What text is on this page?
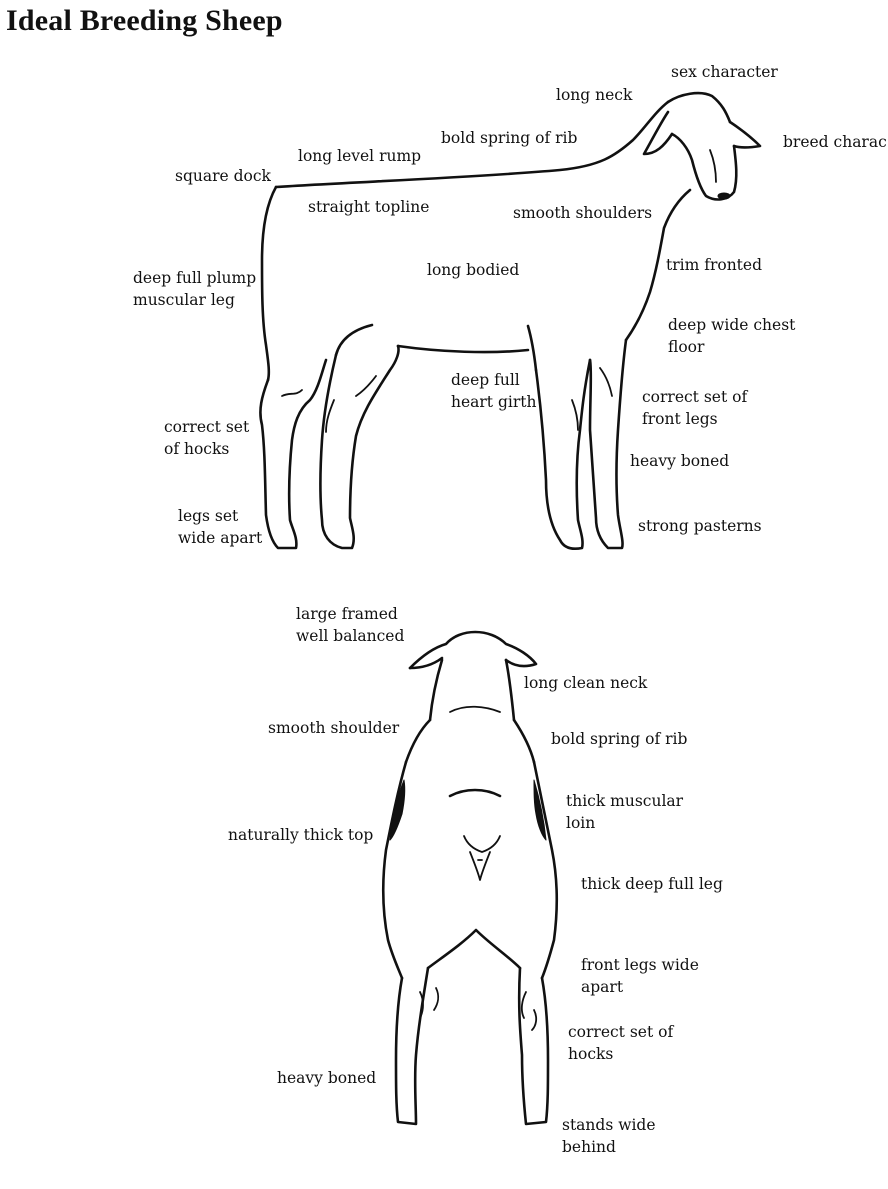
Ideal Breeding Sheep
sex character
long neck
breed charac
bold spring of rib
long level rump
square dock
straight topline	smooth shoulders
trim fronted
long bodied
deep full plump
muscular leg
deep wide chest
floor
deep full
heart girth	correct set of
front legs
correct set
of hocks
heavy boned
legs set
wide apart
strong pasterns
large framed
well balanced
long clean neck
smooth shoulder
bold spring of rib
thick muscular
loin
naturally thick top
thick deep full leg
front legs wide
apart
correct set of
hocks
heavy boned
stands wide
behind
